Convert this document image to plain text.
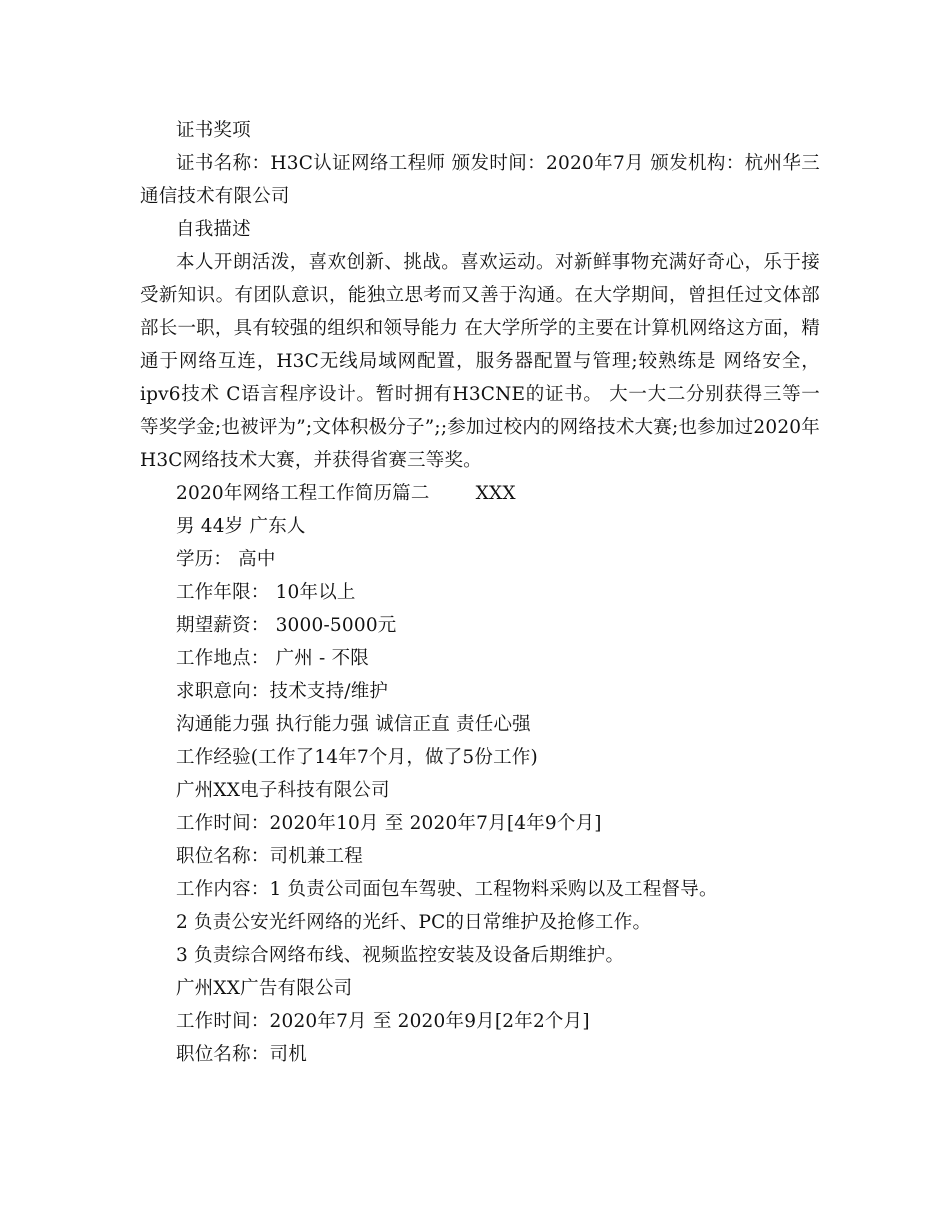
证书奖项

证书名称：H3C认证网络工程师 颁发时间：2020年7月 颁发机构：杭州华三通信技术有限公司

自我描述

本人开朗活泼，喜欢创新、挑战。喜欢运动。对新鲜事物充满好奇心，乐于接受新知识。有团队意识，能独立思考而又善于沟通。在大学期间，曾担任过文体部部长一职，具有较强的组织和领导能力 在大学所学的主要在计算机网络这方面，精通于网络互连，H3C无线局域网配置，服务器配置与管理;较熟练是 网络安全，ipv6技术 C语言程序设计。暂时拥有H3CNE的证书。 大一大二分别获得三等一等奖学金;也被评为”;文体积极分子”;;参加过校内的网络技术大赛;也参加过2020年H3C网络技术大赛，并获得省赛三等奖。

2020年网络工程工作简历篇二 XXX

男 44岁 广东人

学历： 高中

工作年限： 10年以上

期望薪资： 3000-5000元

工作地点： 广州 - 不限

求职意向：技术支持/维护

沟通能力强 执行能力强 诚信正直 责任心强

工作经验(工作了14年7个月，做了5份工作)

广州XX电子科技有限公司

工作时间：2020年10月 至 2020年7月[4年9个月]

职位名称：司机兼工程

工作内容：1 负责公司面包车驾驶、工程物料采购以及工程督导。

2 负责公安光纤网络的光纤、PC的日常维护及抢修工作。

3 负责综合网络布线、视频监控安装及设备后期维护。

广州XX广告有限公司

工作时间：2020年7月 至 2020年9月[2年2个月]

职位名称：司机
